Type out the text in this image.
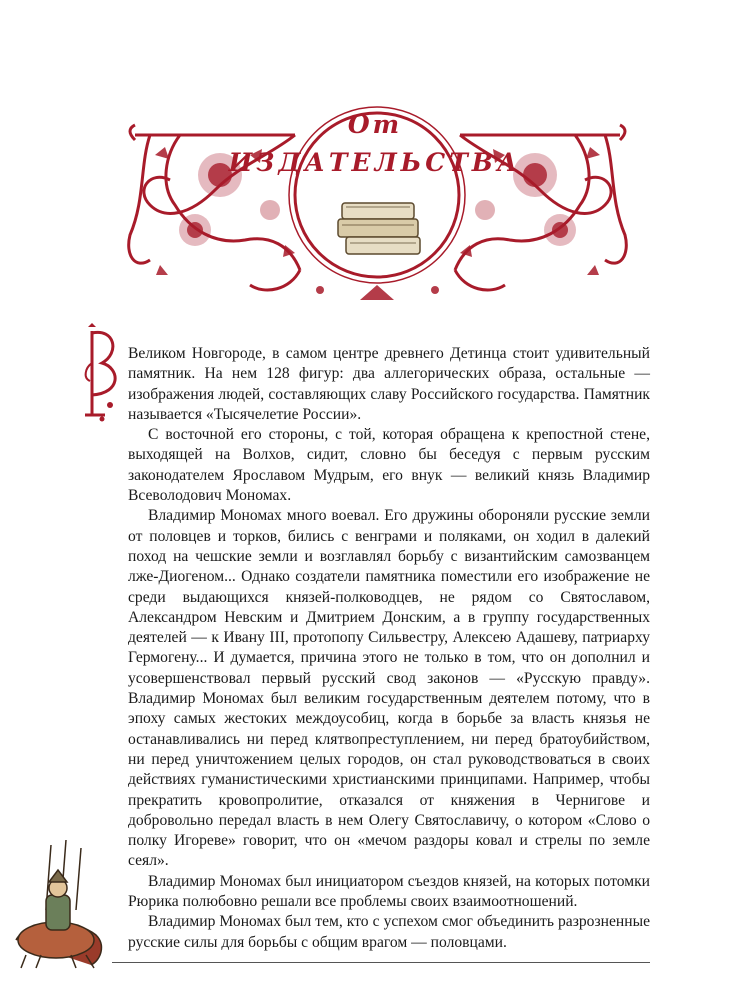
От
ИЗДАТЕЛЬСТВА

Великом Новгороде, в самом центре древнего Детинца стоит удивительный памятник. На нем 128 фигур: два аллегорических образа, остальные — изображения людей, составляющих славу Российского государства. Памятник называется «Тысячелетие России».

С восточной его стороны, с той, которая обращена к крепостной стене, выходящей на Волхов, сидит, словно бы беседуя с первым русским законодателем Ярославом Мудрым, его внук — великий князь Владимир Всеволодович Мономах.

Владимир Мономах много воевал. Его дружины обороняли русские земли от половцев и торков, бились с венграми и поляками, он ходил в далекий поход на чешские земли и возглавлял борьбу с византийским самозванцем лже-Диогеном... Однако создатели памятника поместили его изображение не среди выдающихся князей-полководцев, не рядом со Святославом, Александром Невским и Дмитрием Донским, а в группу государственных деятелей — к Ивану III, протопопу Сильвестру, Алексею Адашеву, патриарху Гермогену... И думается, причина этого не только в том, что он дополнил и усовершенствовал первый русский свод законов — «Русскую правду». Владимир Мономах был великим государственным деятелем потому, что в эпоху самых жестоких междоусобиц, когда в борьбе за власть князья не останавливались ни перед клятвопреступлением, ни перед братоубийством, ни перед уничтожением целых городов, он стал руководствоваться в своих действиях гуманистическими христианскими принципами. Например, чтобы прекратить кровопролитие, отказался от княжения в Чернигове и добровольно передал власть в нем Олегу Святославичу, о котором «Слово о полку Игореве» говорит, что он «мечом раздоры ковал и стрелы по земле сеял».

Владимир Мономах был инициатором съездов князей, на которых потомки Рюрика полюбовно решали все проблемы своих взаимоотношений.

Владимир Мономах был тем, кто с успехом смог объединить разрозненные русские силы для борьбы с общим врагом — половцами.
